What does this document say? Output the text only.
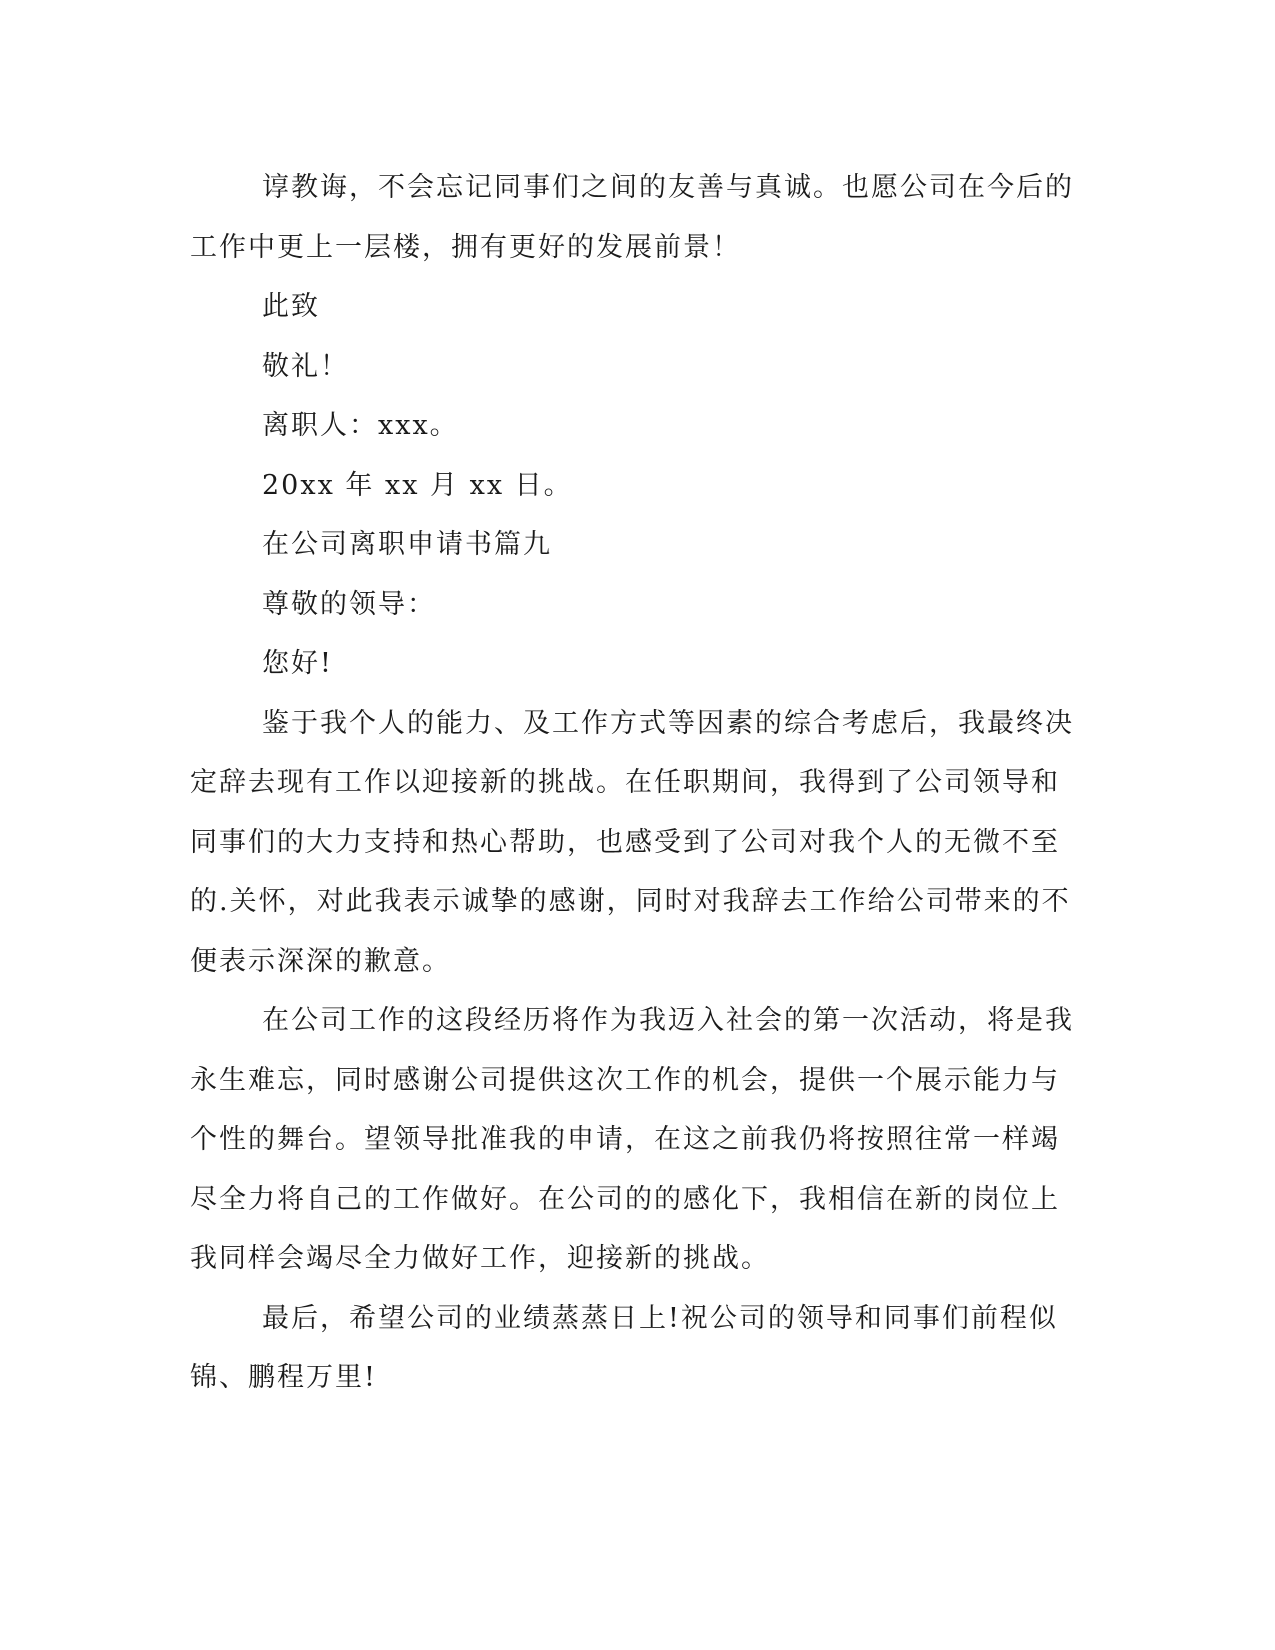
谆教诲，不会忘记同事们之间的友善与真诚。也愿公司在今后的
工作中更上一层楼，拥有更好的发展前景！
此致
敬礼！
离职人：xxx。
20xx 年 xx 月 xx 日。
在公司离职申请书篇九
尊敬的领导：
您好!
鉴于我个人的能力、及工作方式等因素的综合考虑后，我最终决
定辞去现有工作以迎接新的挑战。在任职期间，我得到了公司领导和
同事们的大力支持和热心帮助，也感受到了公司对我个人的无微不至
的.关怀，对此我表示诚挚的感谢，同时对我辞去工作给公司带来的不
便表示深深的歉意。
在公司工作的这段经历将作为我迈入社会的第一次活动，将是我
永生难忘，同时感谢公司提供这次工作的机会，提供一个展示能力与
个性的舞台。望领导批准我的申请，在这之前我仍将按照往常一样竭
尽全力将自己的工作做好。在公司的的感化下，我相信在新的岗位上
我同样会竭尽全力做好工作，迎接新的挑战。
最后，希望公司的业绩蒸蒸日上!祝公司的领导和同事们前程似
锦、鹏程万里!
